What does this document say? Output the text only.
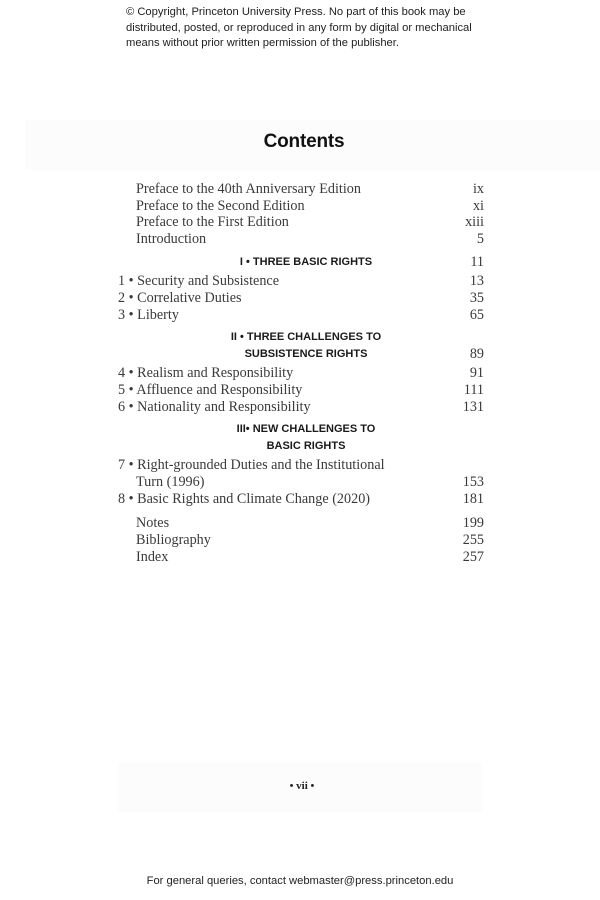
© Copyright, Princeton University Press. No part of this book may be
distributed, posted, or reproduced in any form by digital or mechanical
means without prior written permission of the publisher.
Contents
Preface to the 40th Anniversary Edition	ix
Preface to the Second Edition	xi
Preface to the First Edition	xiii
Introduction	5
I • THREE BASIC RIGHTS	11
1 • Security and Subsistence	13
2 • Correlative Duties	35
3 • Liberty	65
II • THREE CHALLENGES TO
SUBSISTENCE RIGHTS	89
4 • Realism and Responsibility	91
5 • Affluence and Responsibility	111
6 • Nationality and Responsibility	131
III• NEW CHALLENGES TO
BASIC RIGHTS
7 • Right-grounded Duties and the Institutional
Turn (1996)	153
8 • Basic Rights and Climate Change (2020)	181
Notes	199
Bibliography	255
Index	257
• vii •
For general queries, contact webmaster@press.princeton.edu
